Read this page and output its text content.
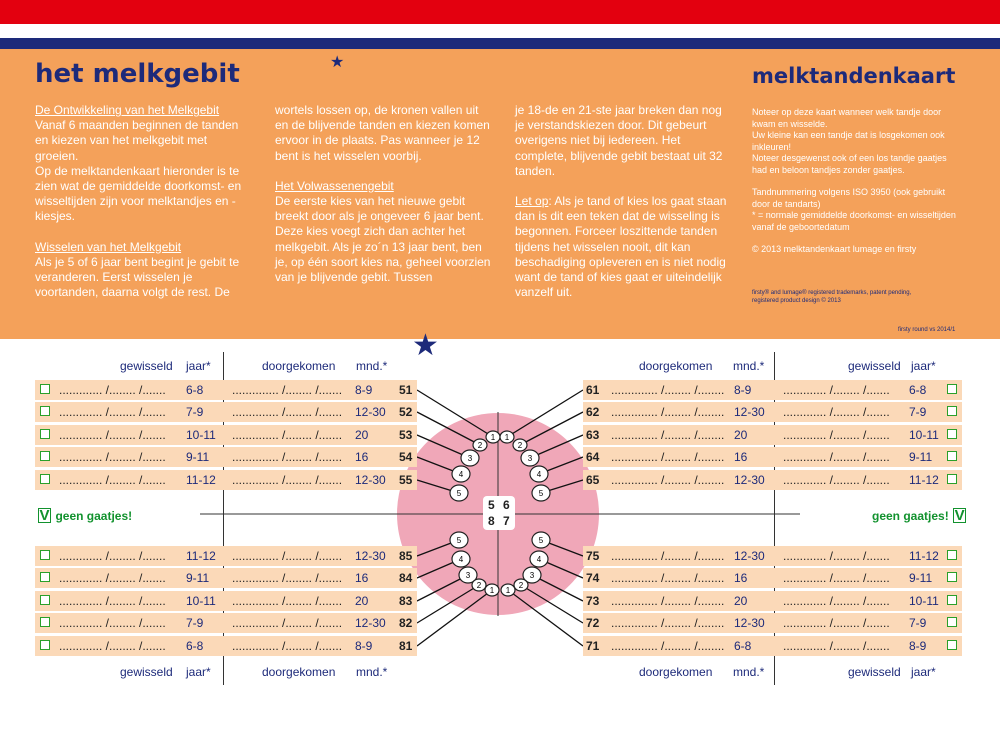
het melkgebit	★
melktandenkaart

De Ontwikkeling van het Melkgebit

Vanaf 6 maanden beginnen de tanden en kiezen van het melkgebit met groeien.

Op de melktandenkaart hieronder is te zien wat de gemiddelde doorkomst- en wisseltijden zijn voor melktandjes en -kiesjes.

Wisselen van het Melkgebit

Als je 5 of 6 jaar bent begint je gebit te veranderen. Eerst wisselen je voortanden, daarna volgt de rest. De

wortels lossen op, de kronen vallen uit en de blijvende tanden en kiezen komen ervoor in de plaats. Pas wanneer je 12 bent is het wisselen voorbij.

Het Volwassenengebit

De eerste kies van het nieuwe gebit breekt door als je ongeveer 6 jaar bent. Deze kies voegt zich dan achter het melkgebit. Als je zo´n 13 jaar bent, ben je, op één soort kies na, geheel voorzien van je blijvende gebit. Tussen

je 18-de en 21-ste jaar breken dan nog je verstandskiezen door. Dit gebeurt overigens niet bij iedereen. Het complete, blijvende gebit bestaat uit 32 tanden.

Let op: Als je tand of kies los gaat staan dan is dit een teken dat de wisseling is begonnen. Forceer loszittende tanden tijdens het wisselen nooit, dit kan beschadiging opleveren en is niet nodig want de tand of kies gaat er uiteindelijk vanzelf uit.

Noteer op deze kaart wanneer welk tandje door kwam en wisselde.

Uw kleine kan een tandje dat is losgekomen ook inkleuren!

Noteer desgewenst ook of een los tandje gaatjes had en beloon tandjes zonder gaatjes.

Tandnummering volgens ISO 3950 (ook gebruikt door de tandarts)

* = normale gemiddelde doorkomst- en wisseltijden vanaf de geboortedatum

© 2013 melktandenkaart lumage en firsty

firsty® and lumage® registered trademarks, patent pending,
registered product design © 2013
firsty round vs 2014/1
★
1
2
3
4
5
1
2
3
4
5
5
4
3
2
1
5
4
3
2
1
gewisseld jaar*	doorgekomen mnd.*	doorgekomen mnd.*	gewisseld jaar*
gewisseld jaar*	doorgekomen mnd.*	doorgekomen mnd.*	gewisseld jaar*
V geen gaatjes!	geen gaatjes! V
5 6
8 7
............. /........ /....... 6-8 .............. /........ /....... 8-9 51
............. /........ /....... 7-9 .............. /........ /....... 12-30 52
............. /........ /....... 10-11 .............. /........ /....... 20	53
............. /........ /....... 9-11 .............. /........ /....... 16	54
............. /........ /....... 11-12 .............. /........ /....... 12-30 55
61 .............. /........ /........ 8-9	............. /........ /....... 6-8
62 .............. /........ /........ 12-30 ............. /........ /....... 7-9
63 .............. /........ /........ 20	............. /........ /....... 10-11
64 .............. /........ /........ 16	............. /........ /....... 9-11
65 .............. /........ /........ 12-30 ............. /........ /....... 11-12
............. /........ /....... 11-12 .............. /........ /....... 12-30 85
............. /........ /....... 9-11 .............. /........ /....... 16	84
............. /........ /....... 10-11 .............. /........ /....... 20	83
............. /........ /....... 7-9 .............. /........ /....... 12-30 82
............. /........ /....... 6-8 .............. /........ /....... 8-9 81
75 .............. /........ /........ 12-30 ............. /........ /....... 11-12
74 .............. /........ /........ 16	............. /........ /....... 9-11
73 .............. /........ /........ 20	............. /........ /....... 10-11
72 .............. /........ /........ 12-30 ............. /........ /....... 7-9
71 .............. /........ /........ 6-8	............. /........ /....... 8-9
